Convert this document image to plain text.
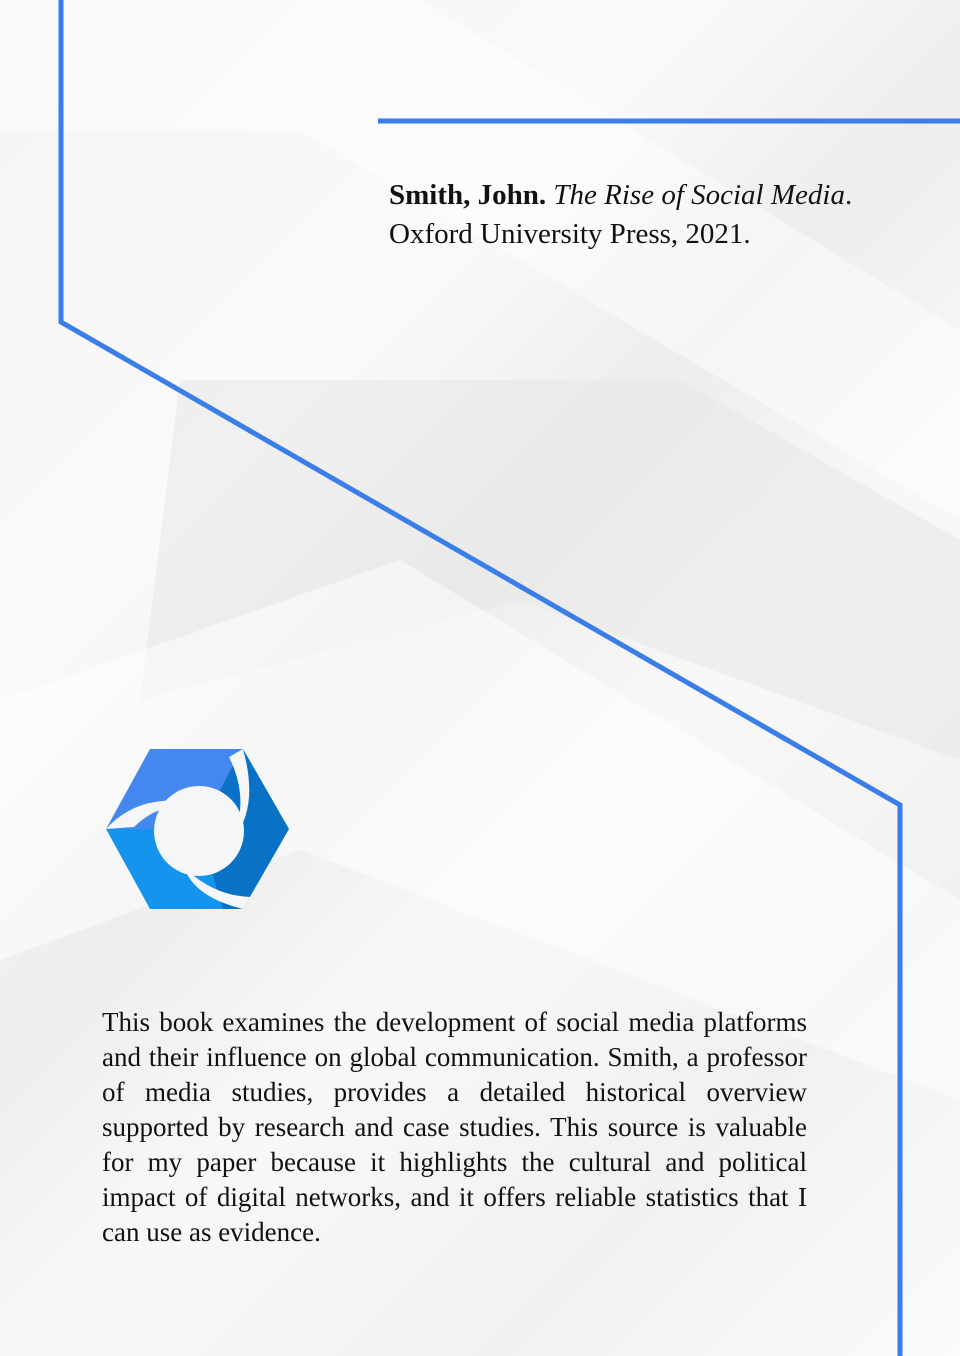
Smith, John. The Rise of Social Media. Oxford University Press, 2021.
This book examines the development of social media platforms and their influence on global communication. Smith, a professor of media studies, provides a detailed historical overview supported by research and case studies. This source is valuable for my paper because it highlights the cultural and political impact of digital networks, and it offers reliable statistics that I can use as evidence.
